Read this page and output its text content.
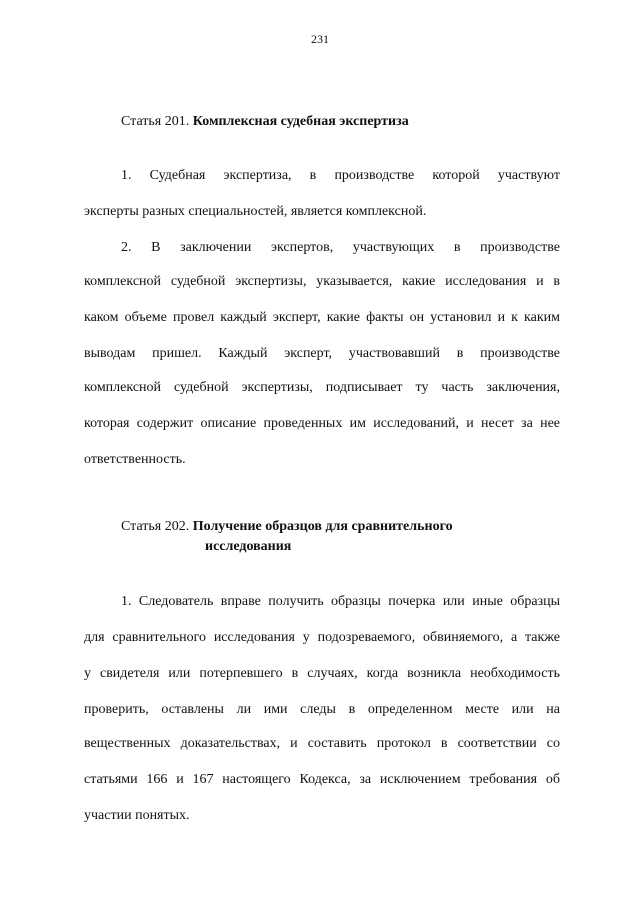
231
Статья 201. Комплексная судебная экспертиза
1. Судебная экспертиза, в производстве которой участвуют
эксперты разных специальностей, является комплексной.
2. В заключении экспертов, участвующих в производстве
комплексной судебной экспертизы, указывается, какие исследования и в
каком объеме провел каждый эксперт, какие факты он установил и к каким
выводам пришел. Каждый эксперт, участвовавший в производстве
комплексной судебной экспертизы, подписывает ту часть заключения,
которая содержит описание проведенных им исследований, и несет за нее
ответственность.
Статья 202. Получение образцов для сравнительного
исследования
1. Следователь вправе получить образцы почерка или иные образцы
для сравнительного исследования у подозреваемого, обвиняемого, а также
у свидетеля или потерпевшего в случаях, когда возникла необходимость
проверить, оставлены ли ими следы в определенном месте или на
вещественных доказательствах, и составить протокол в соответствии со
статьями 166 и 167 настоящего Кодекса, за исключением требования об
участии понятых.
